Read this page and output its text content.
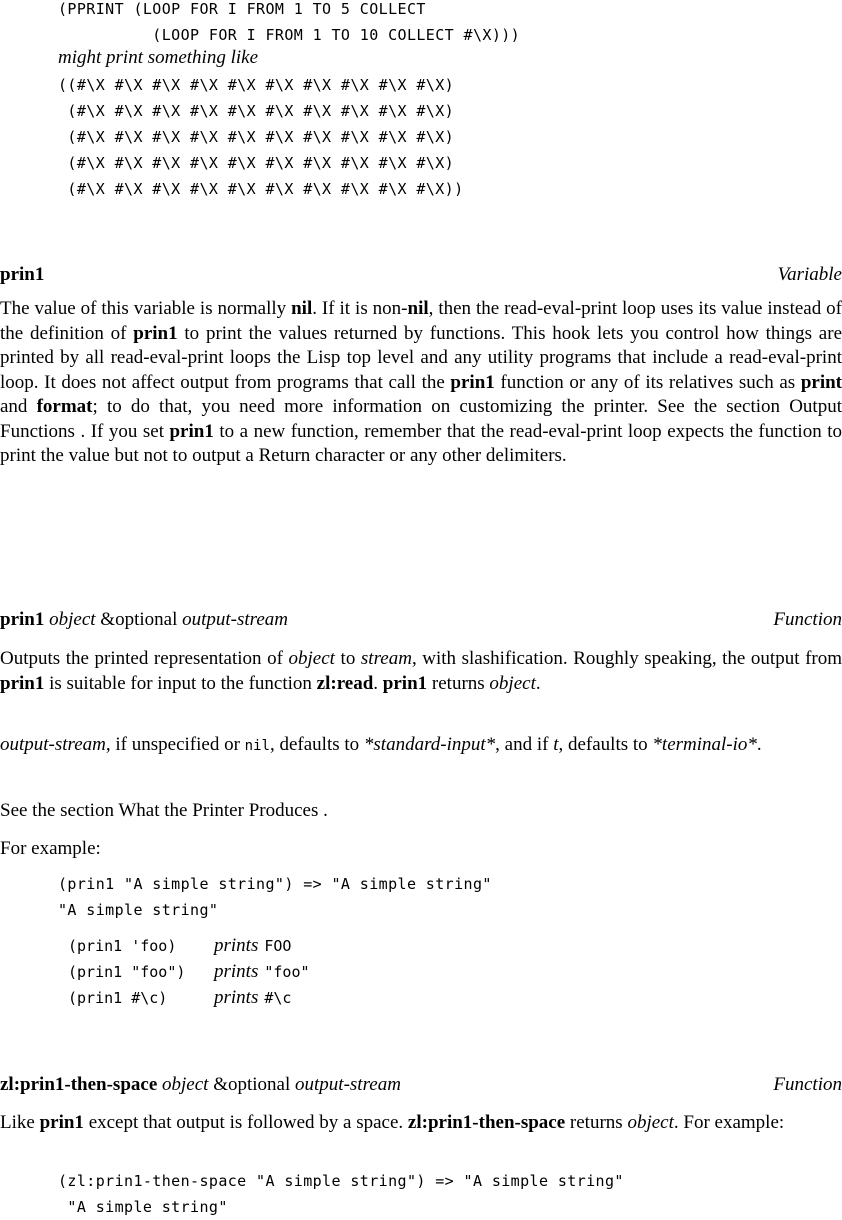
(PPRINT (LOOP FOR I FROM 1 TO 5 COLLECT
(LOOP FOR I FROM 1 TO 10 COLLECT #\X)))
might print something like
((#\X #\X #\X #\X #\X #\X #\X #\X #\X #\X)
(#\X #\X #\X #\X #\X #\X #\X #\X #\X #\X)
(#\X #\X #\X #\X #\X #\X #\X #\X #\X #\X)
(#\X #\X #\X #\X #\X #\X #\X #\X #\X #\X)
(#\X #\X #\X #\X #\X #\X #\X #\X #\X #\X))
prin1	Variable

The value of this variable is normally nil. If it is non-nil, then the read-eval-print loop uses its value instead of the definition of prin1 to print the values returned by functions. This hook lets you control how things are printed by all read-eval-print loops the Lisp top level and any utility programs that include a read-eval-print loop. It does not affect output from programs that call the prin1 function or any of its relatives such as print and format; to do that, you need more information on customizing the printer. See the section Output Functions . If you set prin1 to a new function, remember that the read-eval-print loop expects the function to print the value but not to output a Return character or any other delimiters.

prin1 object &optional output-stream	Function

Outputs the printed representation of object to stream, with slashification. Roughly speaking, the output from prin1 is suitable for input to the function zl:read. prin1 returns object.

output-stream, if unspecified or nil, defaults to *standard-input*, and if t, defaults to *terminal-io*.

See the section What the Printer Produces .

For example:

(prin1 "A simple string") => "A simple string"
"A simple string"
(prin1 'foo) prints FOO
(prin1 "foo") prints "foo"
(prin1 #\c) prints #\c
zl:prin1-then-space object &optional output-stream	Function

Like prin1 except that output is followed by a space. zl:prin1-then-space returns object. For example:

(zl:prin1-then-space "A simple string") => "A simple string"
"A simple string"
